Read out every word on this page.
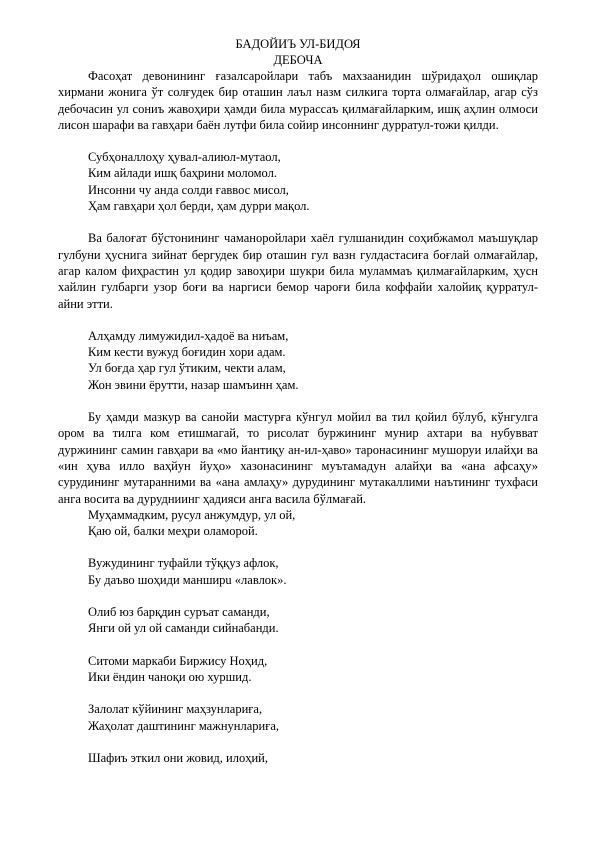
БАДОЙИЪ УЛ-БИДОЯ

ДЕБОЧА

Фасоҳат девонининг ғазалсаройлари табъ махзаанидин шўридаҳол ошиқлар хирмани жонига ўт солғудек бир оташин лаъл назм силкига торта олмағайлар, агар сўз дебочасин ул сониъ жавоҳири ҳамди била мурассаъ қилмағайларким, ишқ аҳлин олмоси лисон шарафи ва гавҳари баён лутфи била сойир инсоннинг дурратул-тожи қилди.

Субҳоналлоҳу ҳувал-алиюл-мутаол,
Ким айлади ишқ баҳрини моломол.
Инсонни чу анда солди ғаввос мисол,
Ҳам гавҳари ҳол берди, ҳам дурри мақол.

Ва балоғат бўстонининг чаманоройлари хаёл гулшанидин соҳибжамол маъшуқлар гулбуни ҳуснига зийнат бергудек бир оташин гул вазн гулдастасиға боғлай олмағайлар, агар калом фиҳрастин ул қодир завоҳири шукри била муламмаъ қилмағайларким, ҳусн хайлин гулбарги узор боғи ва наргиси бемор чароғи била коффайи халойиқ қурратул-айни этти.

Алҳамду лимужидил-ҳадоё ва ниъам,
Ким кести вужуд боғидин хори адам.
Ул боғда ҳар гул ўтиким, чекти алам,
Жон эвини ёрутти, назар шамъинн ҳам.

Бу ҳамди мазкур ва санойи мастурға кўнгул мойил ва тил қойил бўлуб, кўнгулга ором ва тилга ком етишмагай, то рисолат буржининг мунир ахтари ва нубувват дуржининг самин гавҳари ва «мо йантиқу ан-ил-ҳаво» таронасининг мушоруи илайҳи ва «ин ҳува илло ваҳйун йуҳо» хазонасининг муътамадун алайҳи ва «ана афсаҳу» сурудининг мутаранними ва «ана амлаҳу» дурудининг мутакаллими наътининг тухфаси анга восита ва дурудниинг ҳадияси анга васила бўлмағай.

Муҳаммадким, русул анжумдур, ул ой,
Қаю ой, балки меҳри оламорой.
Вужудининг туфайли тўққуз афлок,
Бу даъво шоҳиди манширu «лавлок».
Олиб юз барқдин суръат саманди,
Янги ой ул ой саманди сийнабанди.
Ситоми маркаби Биржису Ноҳид,
Ики ёндин чаноқи ою хуршид.
Залолат кўйининг маҳзунлариға,
Жаҳолат даштининг мажнунлариға,
Шафиъ эткил они жовид, илоҳий,
